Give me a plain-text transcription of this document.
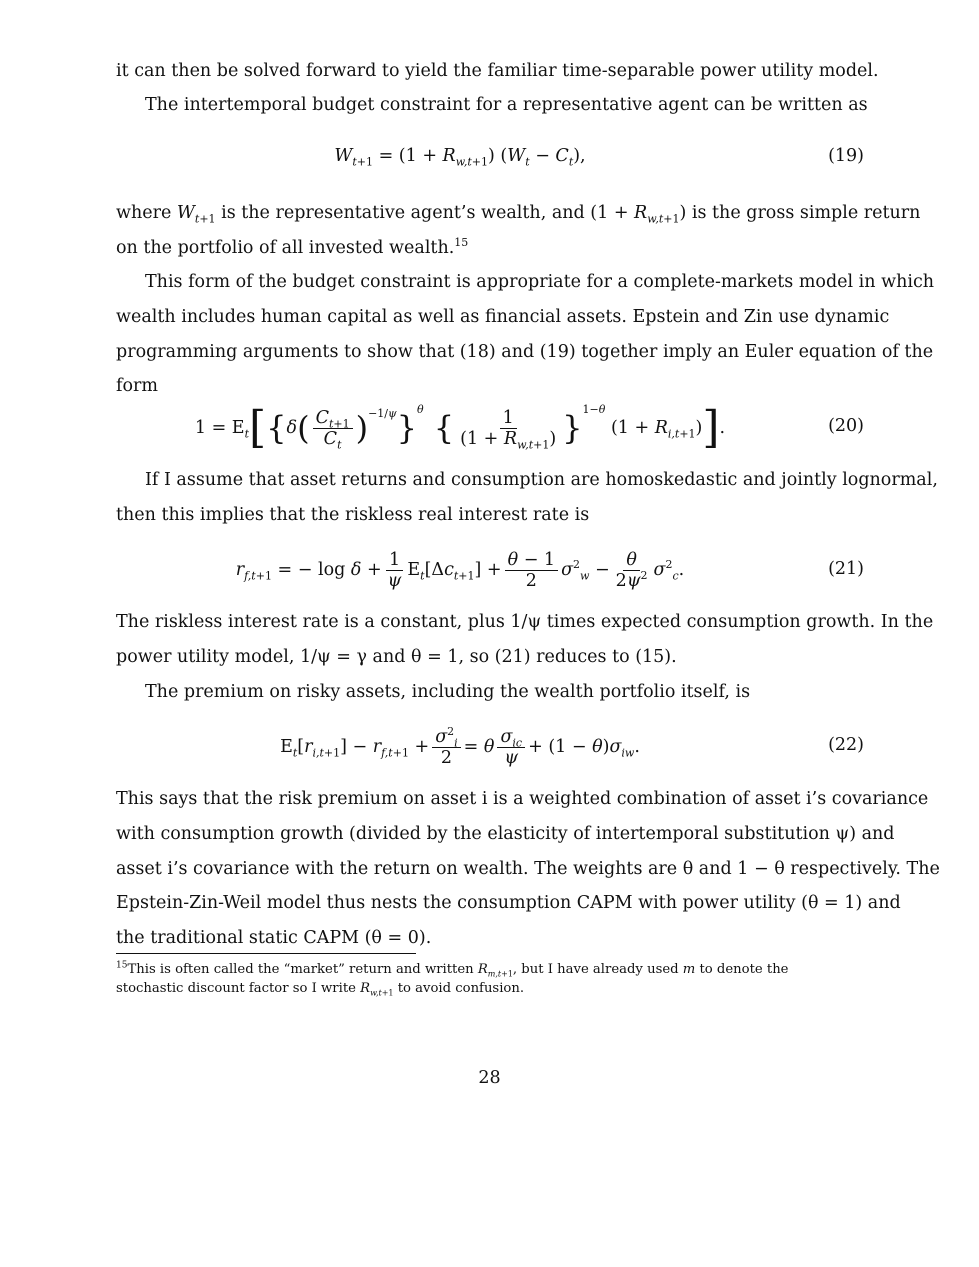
it can then be solved forward to yield the familiar time-separable power utility model.
The intertemporal budget constraint for a representative agent can be written as
$W_{t+1} = (1 + R_{w,t+1}) (W_t - C_t)$,	(19)
where $W_{t+1}$ is the representative agent’s wealth, and $(1 + R_{w,t+1})$ is the gross simple return
on the portfolio of all invested wealth.$^{15}$
This form of the budget constraint is appropriate for a complete-markets model in which
wealth includes human capital as well as financial assets. Epstein and Zin use dynamic
programming arguments to show that (18) and (19) together imply an Euler equation of the
form
$1 = E_t$ [ { δ ( $\frac{C_{t+1}}{C_t} )^{-1/\psi}$ } $^\theta$ { $\frac{1}{(1 + R_{w,t+1})} \}^{1-\theta}$
$(1 + R_{i,t+1})$ ] .	(20)
If I assume that asset returns and consumption are homoskedastic and jointly lognormal,
then this implies that the riskless real interest rate is
$r_{f,t+1}$ = − $\log \delta + \frac{1}{\psi} E_t[\Delta c_{t+1}] + \frac{\theta - 1}{2} \sigma^2_w - \frac{\theta}{2\psi^2} \sigma^2_c$.	(21)
The riskless interest rate is a constant, plus 1/ψ times expected consumption growth. In the
power utility model, 1/ψ = γ and θ = 1, so (21) reduces to (15).
The premium on risky assets, including the wealth portfolio itself, is
$E_t[r_{i,t+1}] - r_{f,t+1} + \frac{\sigma^2_i}{2} = \theta \frac{\sigma_{ic}}{\psi} + (1 - \theta)\sigma_{iw}$.	(22)
This says that the risk premium on asset i is a weighted combination of asset i’s covariance
with consumption growth (divided by the elasticity of intertemporal substitution ψ) and
asset i’s covariance with the return on wealth. The weights are θ and 1 − θ respectively. The
Epstein-Zin-Weil model thus nests the consumption CAPM with power utility (θ = 1) and
the traditional static CAPM (θ = 0).
$^{15}$This is often called the “market” return and written $R_{m,t+1}$, but I have already used m to denote the
stochastic discount factor so I write $R_{w,t+1}$ to avoid confusion.
28
